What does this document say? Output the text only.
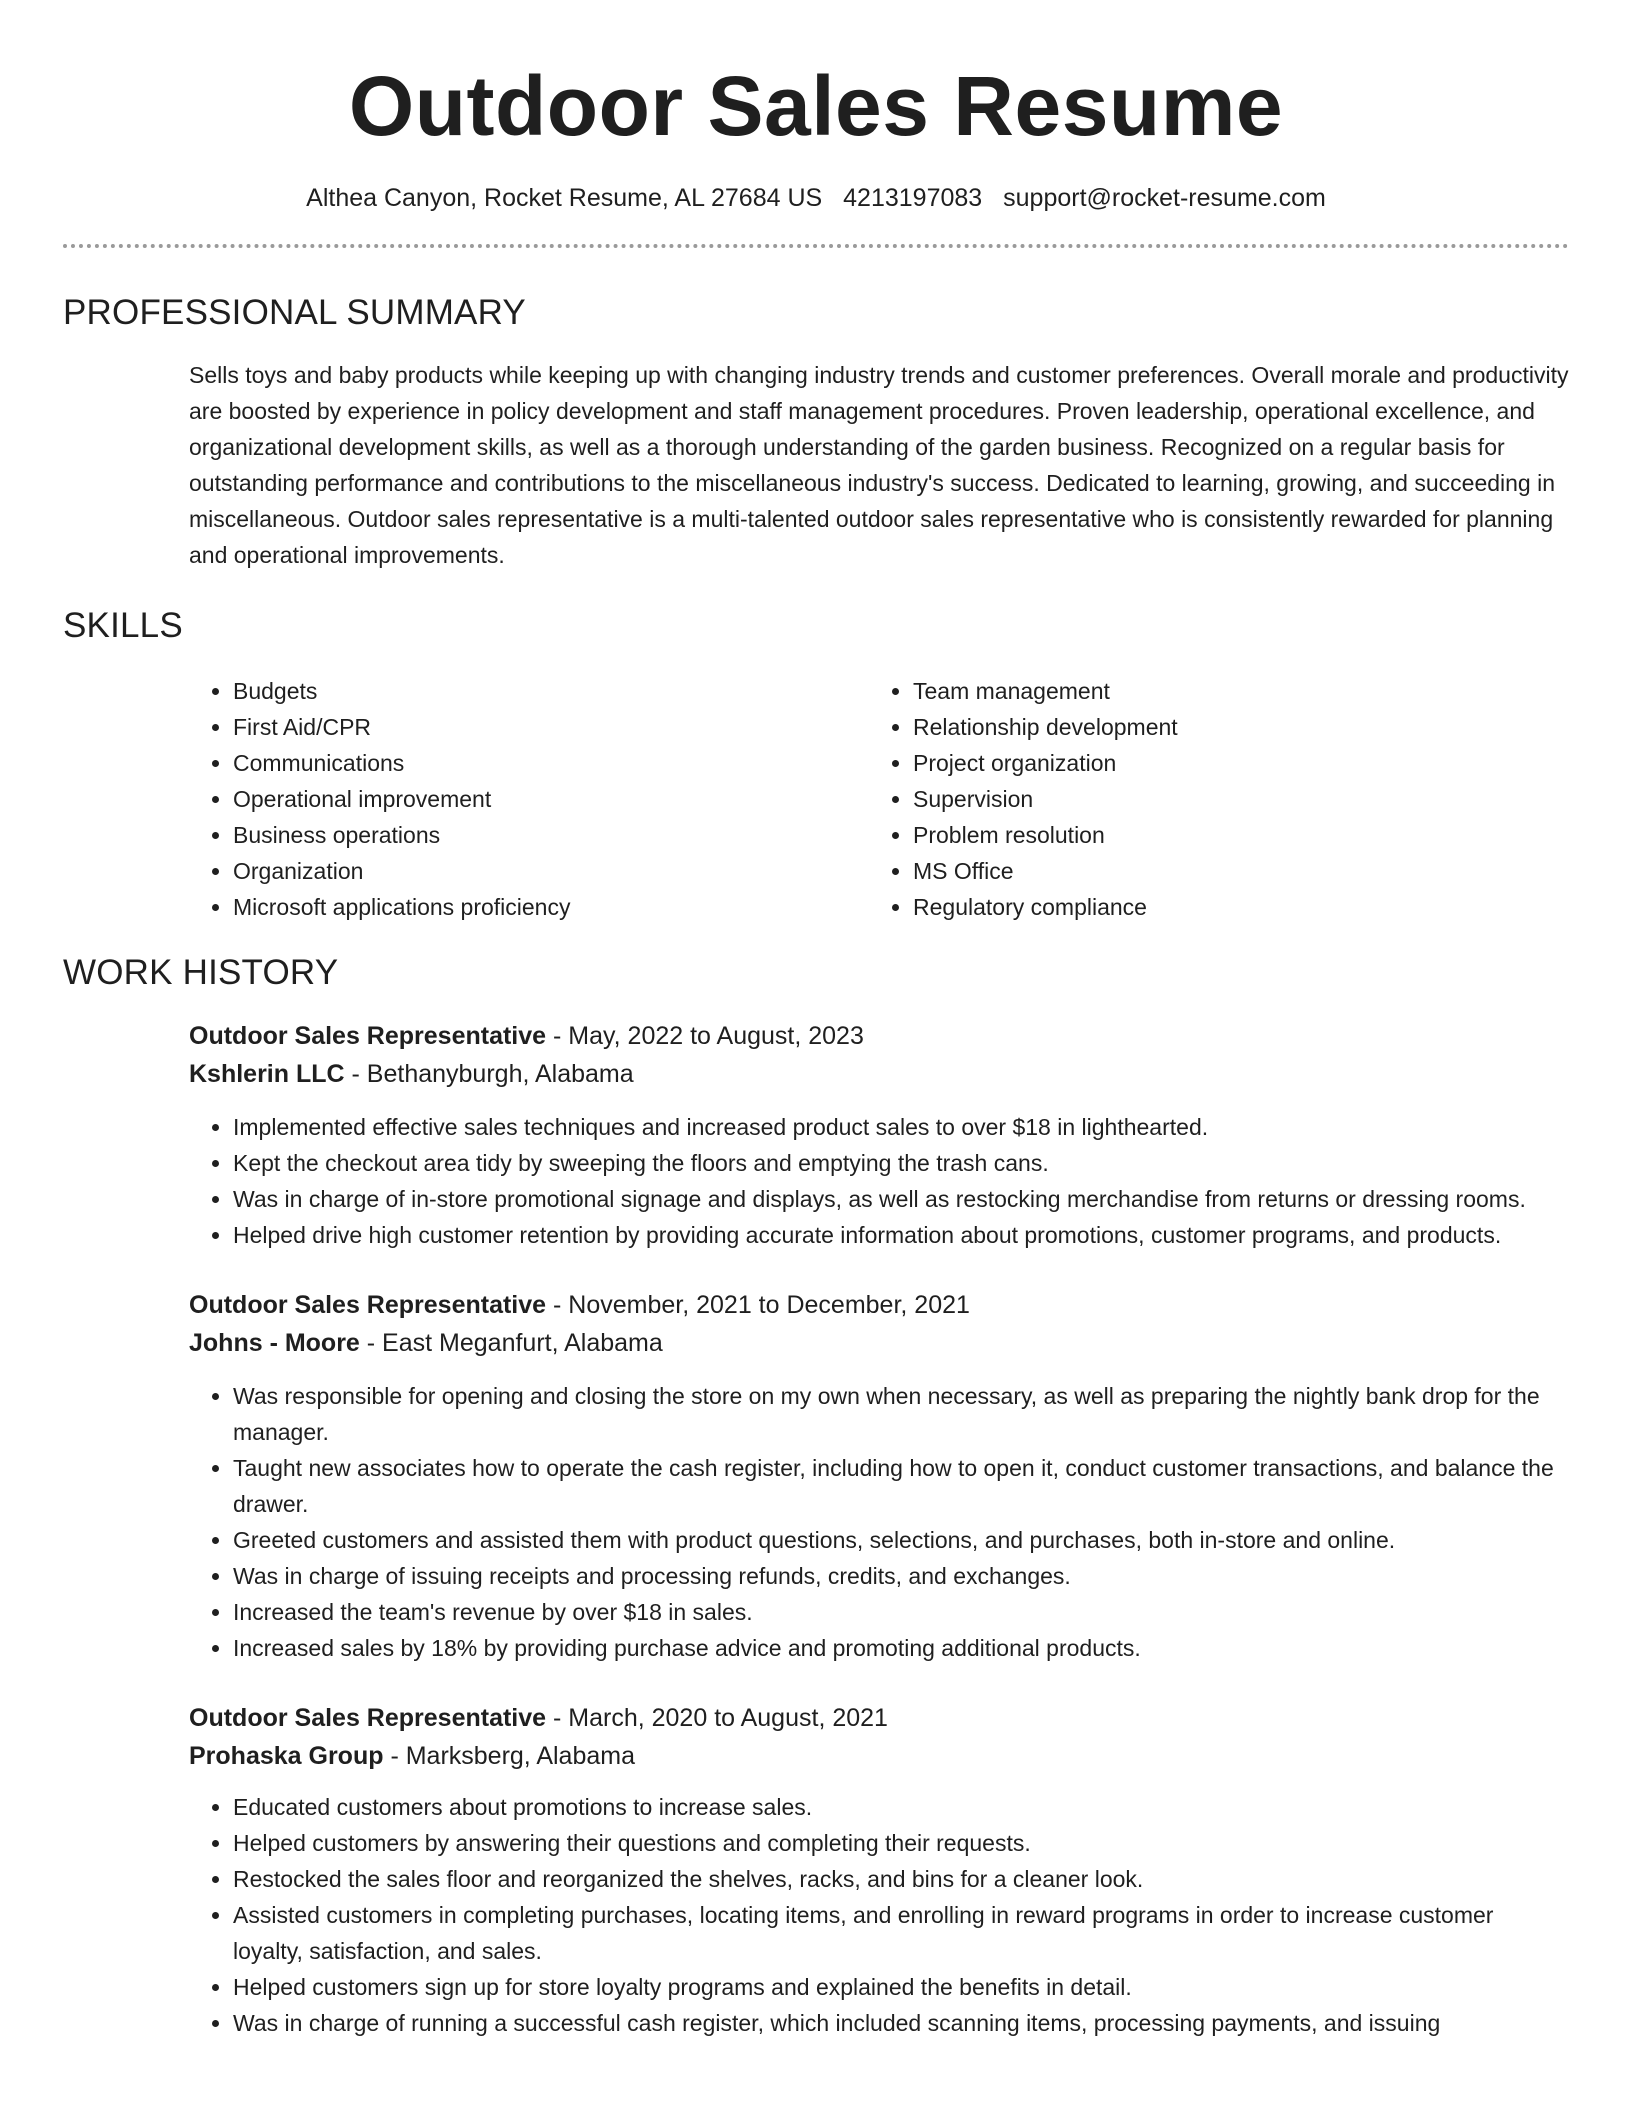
Outdoor Sales Resume
Althea Canyon, Rocket Resume, AL 27684 US 4213197083 support@rocket-resume.com
PROFESSIONAL SUMMARY

Sells toys and baby products while keeping up with changing industry trends and customer preferences. Overall morale and productivity are boosted by experience in policy development and staff management procedures. Proven leadership, operational excellence, and organizational development skills, as well as a thorough understanding of the garden business. Recognized on a regular basis for outstanding performance and contributions to the miscellaneous industry's success. Dedicated to learning, growing, and succeeding in miscellaneous. Outdoor sales representative is a multi-talented outdoor sales representative who is consistently rewarded for planning and operational improvements.

SKILLS
• Budgets
• First Aid/CPR
• Communications
• Operational improvement
• Business operations
• Organization
• Microsoft applications proficiency
• Team management
• Relationship development
• Project organization
• Supervision
• Problem resolution
• MS Office
• Regulatory compliance
WORK HISTORY
Outdoor Sales Representative - May, 2022 to August, 2023
Kshlerin LLC - Bethanyburgh, Alabama
• Implemented effective sales techniques and increased product sales to over $18 in lighthearted.
• Kept the checkout area tidy by sweeping the floors and emptying the trash cans.
• Was in charge of in-store promotional signage and displays, as well as restocking merchandise from returns or dressing rooms.
• Helped drive high customer retention by providing accurate information about promotions, customer programs, and products.
Outdoor Sales Representative - November, 2021 to December, 2021
Johns - Moore - East Meganfurt, Alabama
• Was responsible for opening and closing the store on my own when necessary, as well as preparing the nightly bank drop for the manager.
• Taught new associates how to operate the cash register, including how to open it, conduct customer transactions, and balance the drawer.
• Greeted customers and assisted them with product questions, selections, and purchases, both in-store and online.
• Was in charge of issuing receipts and processing refunds, credits, and exchanges.
• Increased the team's revenue by over $18 in sales.
• Increased sales by 18% by providing purchase advice and promoting additional products.
Outdoor Sales Representative - March, 2020 to August, 2021
Prohaska Group - Marksberg, Alabama
• Educated customers about promotions to increase sales.
• Helped customers by answering their questions and completing their requests.
• Restocked the sales floor and reorganized the shelves, racks, and bins for a cleaner look.
• Assisted customers in completing purchases, locating items, and enrolling in reward programs in order to increase customer loyalty, satisfaction, and sales.
• Helped customers sign up for store loyalty programs and explained the benefits in detail.
• Was in charge of running a successful cash register, which included scanning items, processing payments, and issuing
